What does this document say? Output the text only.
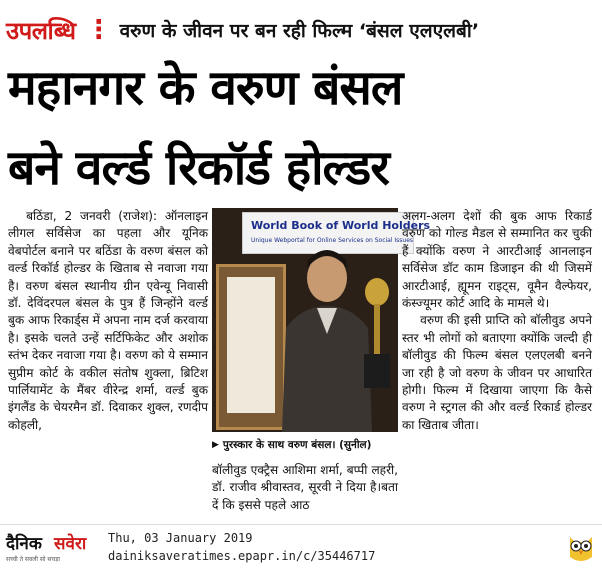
उपलब्धि ⋮ वरुण के जीवन पर बन रही फिल्म ‘बंसल एलएलबी’
महानगर के वरुण बंसल
बने वर्ल्ड रिकॉर्ड होल्डर

बठिंडा, 2 जनवरी (राजेश): ऑनलाइन लीगल सर्विसेज का पहला और यूनिक वेबपोर्टल बनाने पर बठिंडा के वरुण बंसल को वर्ल्ड रिकॉर्ड होल्डर के खिताब से नवाजा गया है। वरुण बंसल स्थानीय ग्रीन एवेन्यू निवासी डॉ. देविंदरपल बंसल के पुत्र हैं जिन्होंने वर्ल्ड बुक आफ रिकार्ड्स में अपना नाम दर्ज करवाया है। इसके चलते उन्हें सर्टिफिकेट और अशोक स्तंभ देकर नवाजा गया है। वरुण को ये सम्मान सुप्रीम कोर्ट के वकील संतोष शुक्ला, ब्रिटिश पार्लियामेंट के मैंबर वीरेन्द्र शर्मा, वर्ल्ड बुक इंगलैंड के चेयरमैन डॉ. दिवाकर शुक्ल, रणदीप कोहली,

World Book of World Holders
Unique Webportal for Online Services on Social Issues
▶ पुरस्कार के साथ वरुण बंसल। (सुनील)
बॉलीवुड एक्ट्रैस आशिमा शर्मा, बप्पी लहरी, डॉ. राजीव श्रीवास्तव, सूरवी ने दिया है।बता दें कि इससे पहले आठ

अलग-अलग देशों की बुक आफ रिकार्ड वरुण को गोल्ड मैडल से सम्मानित कर चुकी हैं क्योंकि वरुण ने आरटीआई आनलाइन सर्विसेज डॉट काम डिजाइन की थी जिसमें आरटीआई, ह्यूमन राइट्स, वूमैन वैल्फेयर, कंस्ज्यूमर कोर्ट आदि के मामले थे।

वरुण की इसी प्राप्ति को बॉलीवुड अपने स्तर भी लोगों को बताएगा क्योंकि जल्दी ही बॉलीवुड की फिल्म बंसल एलएलबी बनने जा रही है जो वरुण के जीवन पर आधारित होगी। फिल्म में दिखाया जाएगा कि कैसे वरुण ने स्ट्रगल की और वर्ल्ड रिकार्ड होल्डर का खिताब जीता।

दैनिक सवेरा
सच्ची ते सवली सो सचड़ा
Thu, 03 January 2019
dainiksaveratimes.epapr.in/c/35446717
